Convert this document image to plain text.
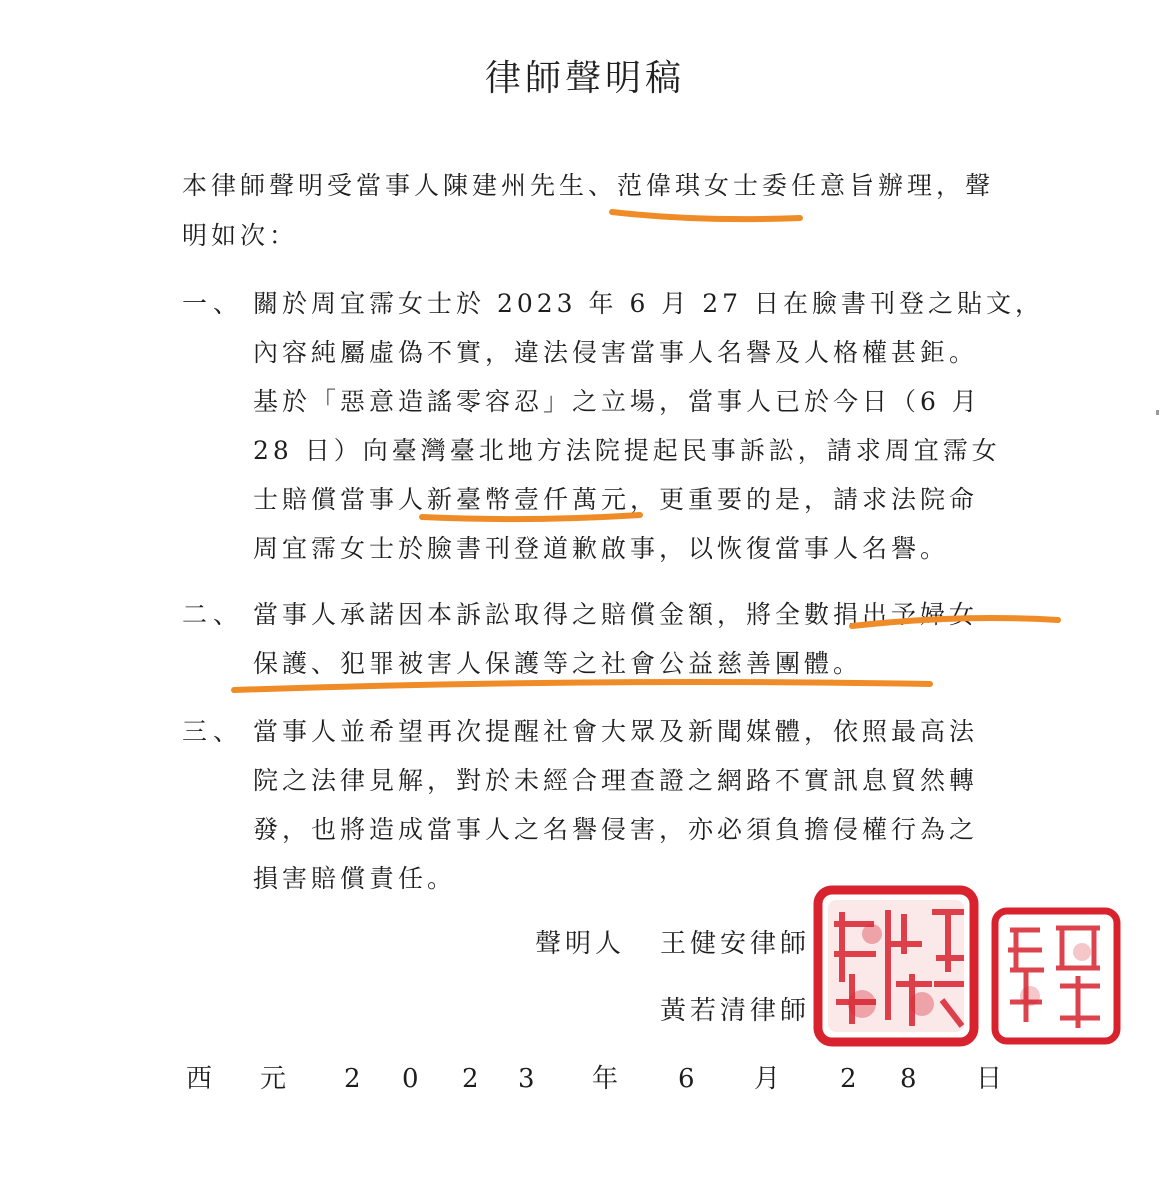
律師聲明稿
本律師聲明受當事人陳建州先生、范偉琪女士委任意旨辦理，聲
明如次：
一、 關於周宜霈女士於 2023 年 6 月 27 日在臉書刊登之貼文，
內容純屬虛偽不實，違法侵害當事人名譽及人格權甚鉅。
基於「惡意造謠零容忍」之立場，當事人已於今日（6 月
28 日）向臺灣臺北地方法院提起民事訴訟，請求周宜霈女
士賠償當事人新臺幣壹仟萬元，更重要的是，請求法院命
周宜霈女士於臉書刊登道歉啟事，以恢復當事人名譽。
二、 當事人承諾因本訴訟取得之賠償金額，將全數捐出予婦女
保護、犯罪被害人保護等之社會公益慈善團體。
三、 當事人並希望再次提醒社會大眾及新聞媒體，依照最高法
院之法律見解，對於未經合理查證之網路不實訊息貿然轉
發，也將造成當事人之名譽侵害，亦必須負擔侵權行為之
損害賠償責任。
聲明人 王健安律師
黃若清律師
西 元 2 0 2 3 年 6 月 2 8 日
